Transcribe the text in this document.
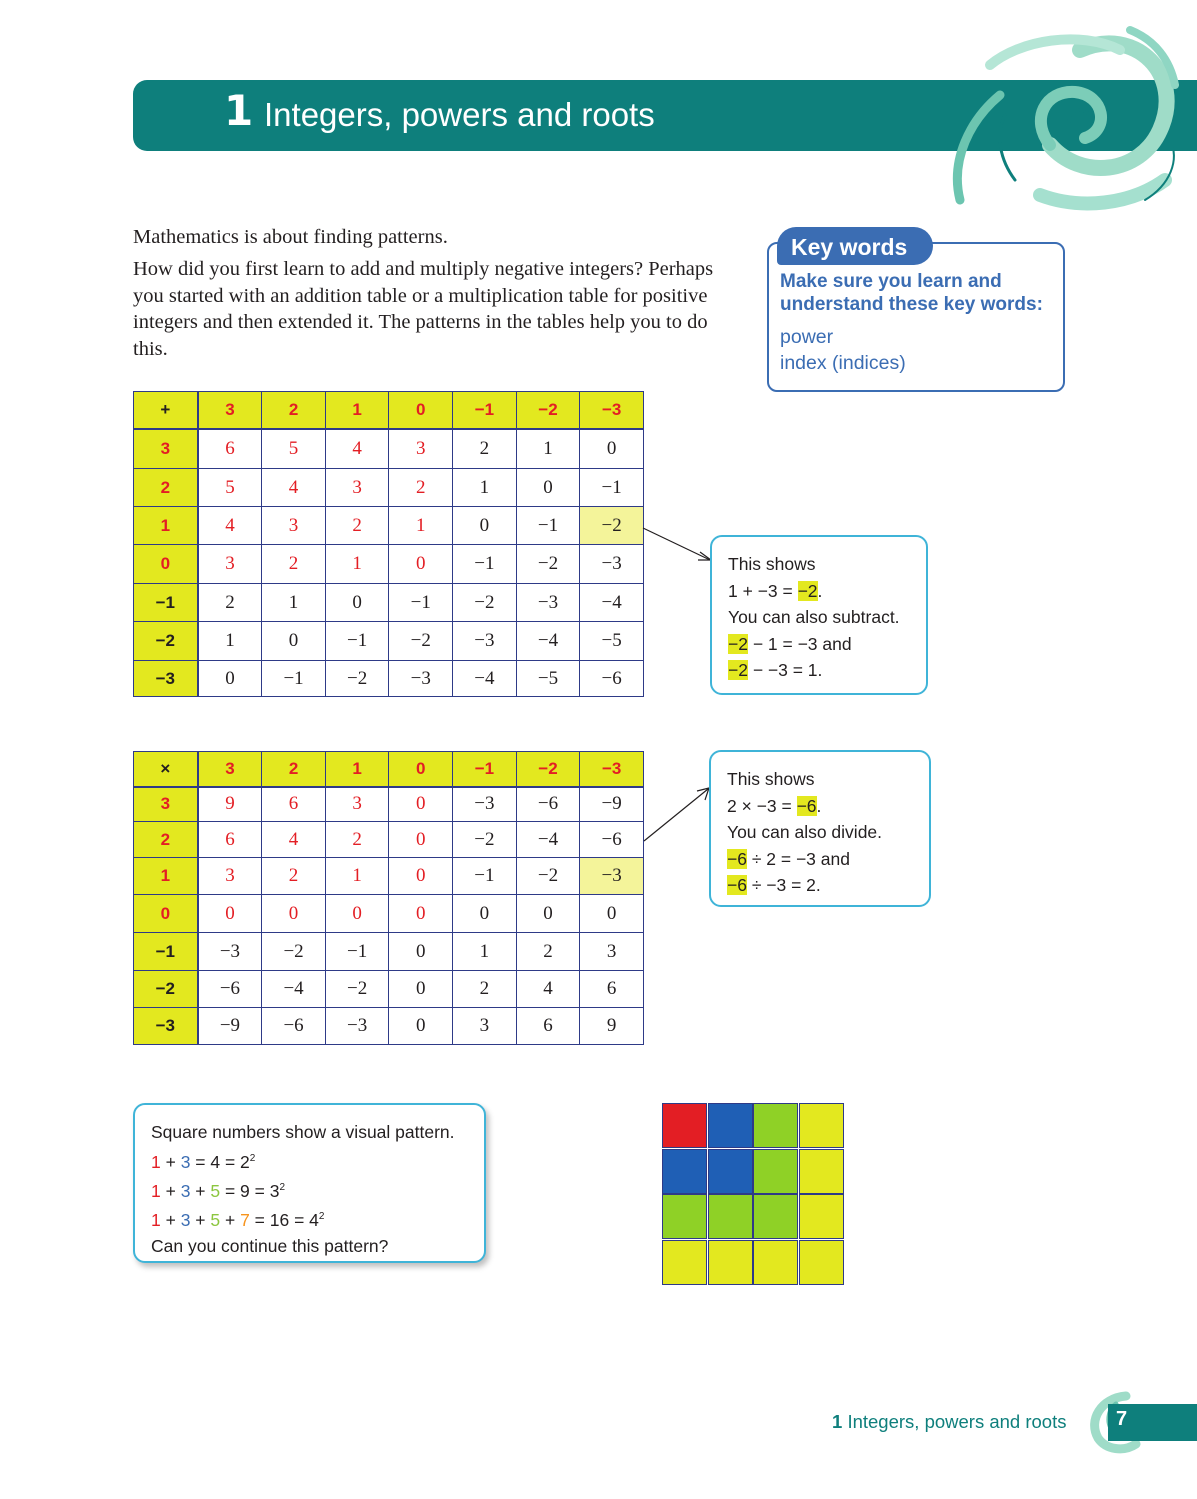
1 Integers, powers and roots

Mathematics is about finding patterns.

How did you first learn to add and multiply negative integers? Perhaps you started with an addition table or a multiplication table for positive integers and then extended it. The patterns in the tables help you to do this.

Key words
Make sure you learn and understand these key words:
power
index (indices)
+	3	2	1	0	−1	−2	−3
3	6	5	4	3	2	1	0
2	5	4	3	2	1	0	−1
1	4	3	2	1	0	−1	−2
0	3	2	1	0	−1	−2	−3
−1	2	1	0	−1	−2	−3	−4
−2	1	0	−1	−2	−3	−4	−5
−3	0	−1	−2	−3	−4	−5	−6
×	3	2	1	0	−1	−2	−3
3	9	6	3	0	−3	−6	−9
2	6	4	2	0	−2	−4	−6
1	3	2	1	0	−1	−2	−3
0	0	0	0	0	0	0	0
−1	−3	−2	−1	0	1	2	3
−2	−6	−4	−2	0	2	4	6
−3	−9	−6	−3	0	3	6	9
This shows
1 + −3 = −2.
You can also subtract.
−2 − 1 = −3 and
−2 − −3 = 1.
This shows
2 × −3 = −6.
You can also divide.
−6 ÷ 2 = −3 and
−6 ÷ −3 = 2.
Square numbers show a visual pattern.
$1 + 3 = 4 = 2^2$
$1 + 3 + 5 = 9 = 3^2$
$1 + 3 + 5 + 7 = 16 = 4^2$
Can you continue this pattern?
1 Integers, powers and roots 7
